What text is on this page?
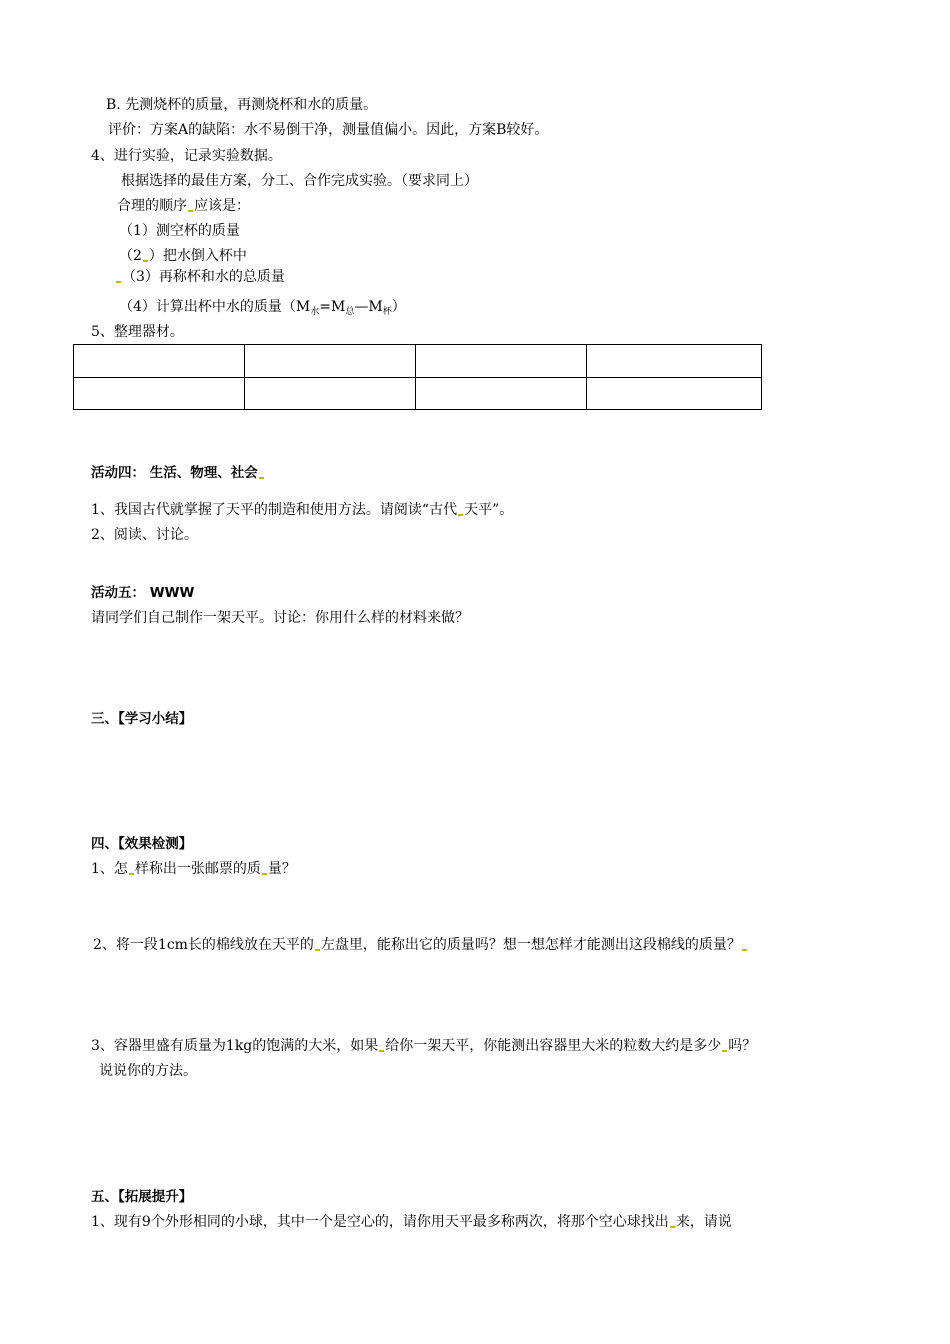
B. 先测烧杯的质量，再测烧杯和水的质量。
评价：方案A的缺陷：水不易倒干净，测量值偏小。因此，方案B较好。
4、进行实验，记录实验数据。
根据选择的最佳方案，分工、合作完成实验。（要求同上）
合理的顺序 应该是：
（1）测空杯的质量
（2 ）把水倒入杯中
（3）再称杯和水的总质量
（4）计算出杯中水的质量$(M_水=M_总—M_杯)$
5、整理器材。

活动四： 生活、物理、社会
1、我国古代就掌握了天平的制造和使用方法。请阅读“古代 天平”。
2、阅读、讨论。
活动五： WWW
请同学们自己制作一架天平。讨论：你用什么样的材料来做？
三、【学习小结】
四、【效果检测】
1、怎 样称出一张邮票的质 量？
2、将一段1cm长的棉线放在天平的 左盘里，能称出它的质量吗？想一想怎样才能测出这段棉线的质量？
3、容器里盛有质量为1kg的饱满的大米，如果 给你一架天平，你能测出容器里大米的粒数大约是多少 吗？
说说你的方法。
五、【拓展提升】
1、现有9个外形相同的小球，其中一个是空心的，请你用天平最多称两次，将那个空心球找出 来，请说
